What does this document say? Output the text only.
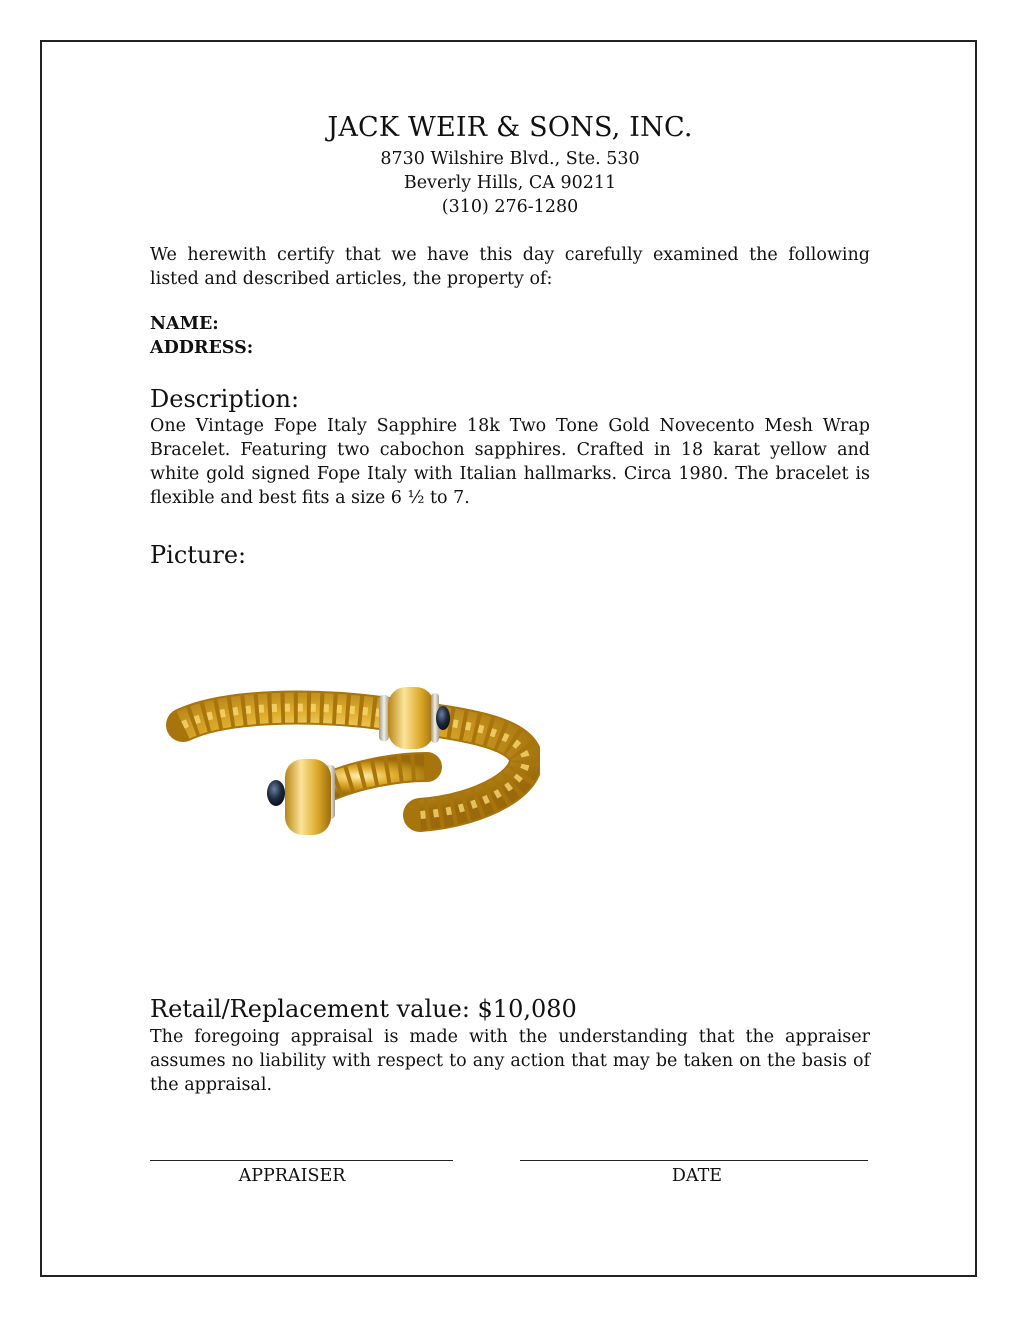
JACK WEIR & SONS, INC.
8730 Wilshire Blvd., Ste. 530
Beverly Hills, CA 90211
(310) 276-1280
We herewith certify that we have this day carefully examined the following listed and described articles, the property of:
NAME:
ADDRESS:
Description:
One Vintage Fope Italy Sapphire 18k Two Tone Gold Novecento Mesh Wrap Bracelet. Featuring two cabochon sapphires. Crafted in 18 karat yellow and white gold signed Fope Italy with Italian hallmarks. Circa 1980. The bracelet is flexible and best fits a size 6 ½ to 7.
Picture:
Retail/Replacement value: $10,080
The foregoing appraisal is made with the understanding that the appraiser assumes no liability with respect to any action that may be taken on the basis of the appraisal.
APPRAISER	DATE
